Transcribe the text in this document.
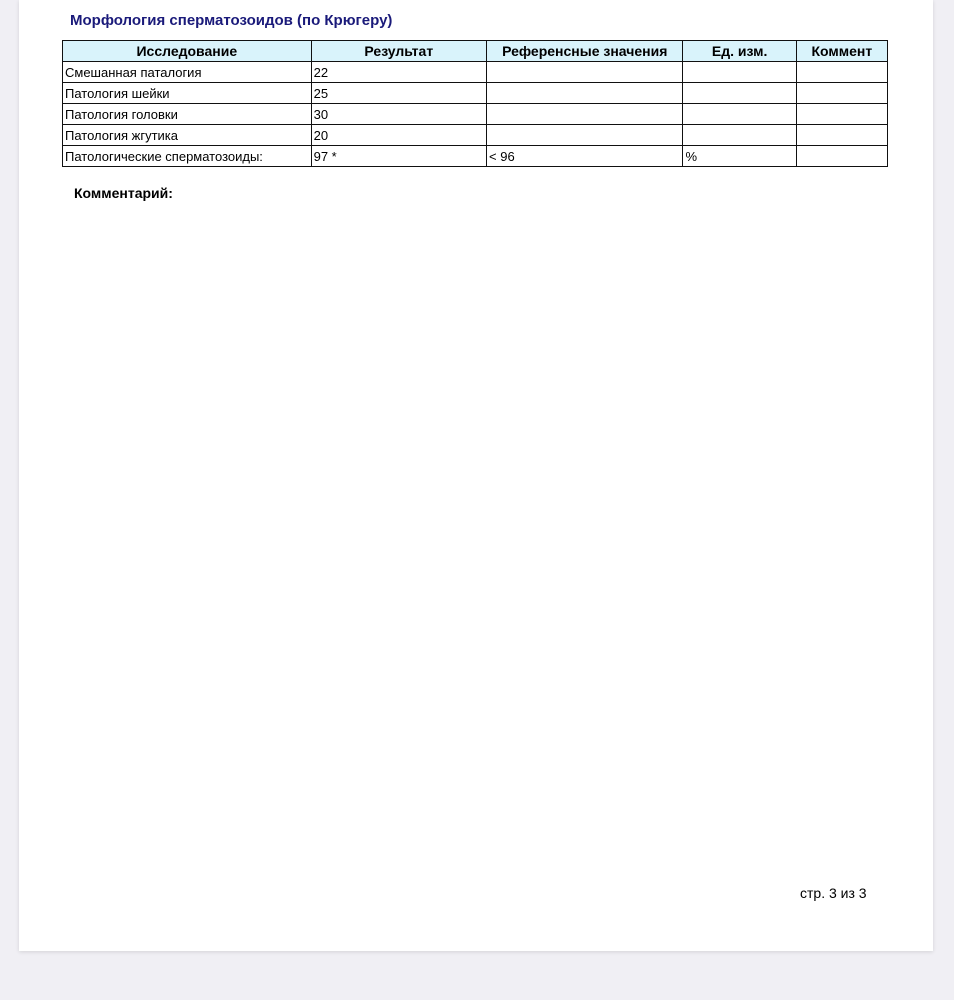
Морфология сперматозоидов (по Крюгеру)
Исследование	Результат	Референсные значения	Ед. изм.	Коммент
Смешанная паталогия	22			
Патология шейки	25			
Патология головки	30			
Патология жгутика	20			
Патологические сперматозоиды:	97 *	< 96	%	
Комментарий:
стр. 3 из 3
